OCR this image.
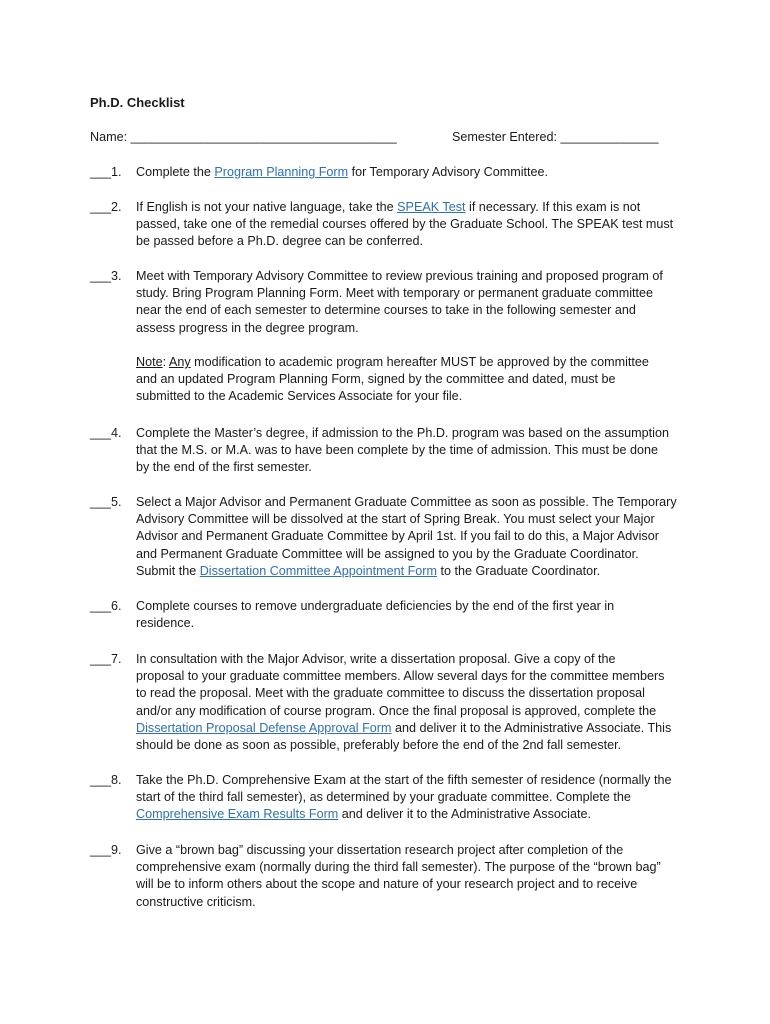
Ph.D. Checklist
Name: ______________________________________	Semester Entered: ______________
___1. Complete the Program Planning Form for Temporary Advisory Committee.
___2. If English is not your native language, take the SPEAK Test if necessary. If this exam is not
passed, take one of the remedial courses offered by the Graduate School. The SPEAK test must
be passed before a Ph.D. degree can be conferred.
___3. Meet with Temporary Advisory Committee to review previous training and proposed program of
study. Bring Program Planning Form. Meet with temporary or permanent graduate committee
near the end of each semester to determine courses to take in the following semester and
assess progress in the degree program.
Note: Any modification to academic program hereafter MUST be approved by the committee
and an updated Program Planning Form, signed by the committee and dated, must be
submitted to the Academic Services Associate for your file.
___4. Complete the Master’s degree, if admission to the Ph.D. program was based on the assumption
that the M.S. or M.A. was to have been complete by the time of admission. This must be done
by the end of the first semester.
___5. Select a Major Advisor and Permanent Graduate Committee as soon as possible. The Temporary
Advisory Committee will be dissolved at the start of Spring Break. You must select your Major
Advisor and Permanent Graduate Committee by April 1st. If you fail to do this, a Major Advisor
and Permanent Graduate Committee will be assigned to you by the Graduate Coordinator.
Submit the Dissertation Committee Appointment Form to the Graduate Coordinator.
___6. Complete courses to remove undergraduate deficiencies by the end of the first year in
residence.
___7. In consultation with the Major Advisor, write a dissertation proposal. Give a copy of the
proposal to your graduate committee members. Allow several days for the committee members
to read the proposal. Meet with the graduate committee to discuss the dissertation proposal
and/or any modification of course program. Once the final proposal is approved, complete the
Dissertation Proposal Defense Approval Form and deliver it to the Administrative Associate. This
should be done as soon as possible, preferably before the end of the 2nd fall semester.
___8. Take the Ph.D. Comprehensive Exam at the start of the fifth semester of residence (normally the
start of the third fall semester), as determined by your graduate committee. Complete the
Comprehensive Exam Results Form and deliver it to the Administrative Associate.
___9. Give a “brown bag” discussing your dissertation research project after completion of the
comprehensive exam (normally during the third fall semester). The purpose of the “brown bag”
will be to inform others about the scope and nature of your research project and to receive
constructive criticism.
